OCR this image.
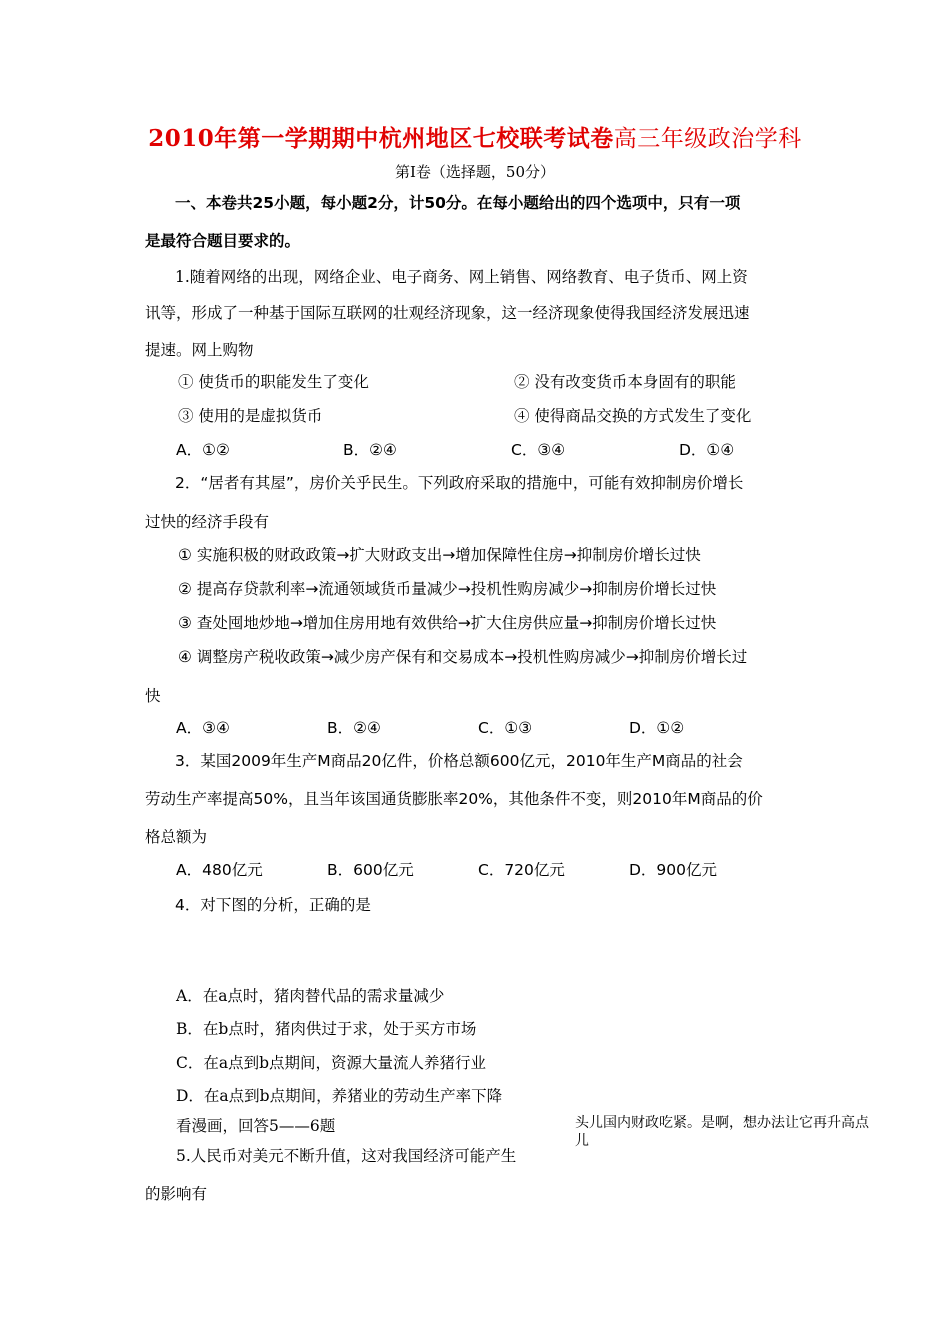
2010年第一学期期中杭州地区七校联考试卷高三年级政治学科
第Ⅰ卷（选择题，50分）
一、本卷共25小题，每小题2分，计50分。在每小题给出的四个选项中，只有一项
是最符合题目要求的。
1.随着网络的出现，网络企业、电子商务、网上销售、网络教育、电子货币、网上资
讯等，形成了一种基于国际互联网的壮观经济现象，这一经济现象使得我国经济发展迅速
提速。网上购物
① 使货币的职能发生了变化	② 没有改变货币本身固有的职能
③ 使用的是虚拟货币	④ 使得商品交换的方式发生了变化
A．①②	B．②④	C．③④	D．①④
2．“居者有其屋”，房价关乎民生。下列政府采取的措施中，可能有效抑制房价增长
过快的经济手段有
① 实施积极的财政政策→扩大财政支出→增加保障性住房→抑制房价增长过快
② 提高存贷款利率→流通领域货币量减少→投机性购房减少→抑制房价增长过快
③ 查处囤地炒地→增加住房用地有效供给→扩大住房供应量→抑制房价增长过快
④ 调整房产税收政策→减少房产保有和交易成本→投机性购房减少→抑制房价增长过
快
A．③④	B．②④	C．①③	D．①②
3．某国2009年生产M商品20亿件，价格总额600亿元，2010年生产M商品的社会
劳动生产率提高50%，且当年该国通货膨胀率20%，其他条件不变，则2010年M商品的价
格总额为
A．480亿元	B．600亿元	C．720亿元	D．900亿元
4．对下图的分析，正确的是
A．在a点时，猪肉替代品的需求量减少
B．在b点时，猪肉供过于求，处于买方市场
C．在a点到b点期间，资源大量流人养猪行业
D．在a点到b点期间，养猪业的劳动生产率下降
看漫画，回答5——6题	头儿国内财政吃紧。是啊，想办法让它再升高点儿
5.人民币对美元不断升值，这对我国经济可能产生
的影响有
